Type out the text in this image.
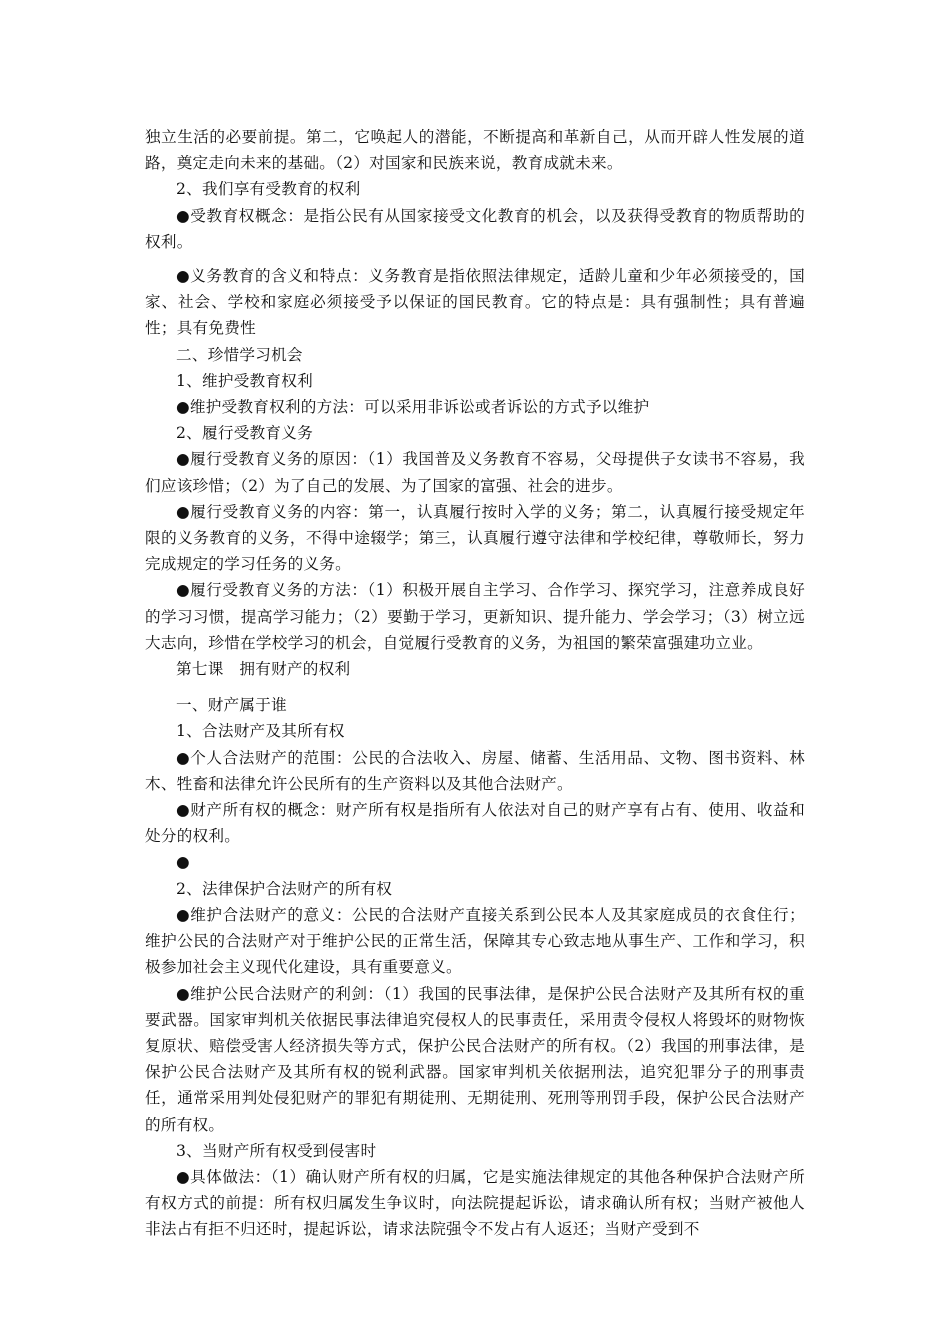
独立生活的必要前提。第二，它唤起人的潜能，不断提高和革新自己，从而开辟人性发展的道路，奠定走向未来的基础。（2）对国家和民族来说，教育成就未来。

2、我们享有受教育的权利

●受教育权概念：是指公民有从国家接受文化教育的机会，以及获得受教育的物质帮助的权利。

●义务教育的含义和特点：义务教育是指依照法律规定，适龄儿童和少年必须接受的，国家、社会、学校和家庭必须接受予以保证的国民教育。它的特点是：具有强制性；具有普遍性；具有免费性

二、珍惜学习机会

1、维护受教育权利

●维护受教育权利的方法：可以采用非诉讼或者诉讼的方式予以维护

2、履行受教育义务

●履行受教育义务的原因：（1）我国普及义务教育不容易，父母提供子女读书不容易，我们应该珍惜；（2）为了自己的发展、为了国家的富强、社会的进步。

●履行受教育义务的内容：第一，认真履行按时入学的义务；第二，认真履行接受规定年限的义务教育的义务，不得中途辍学；第三，认真履行遵守法律和学校纪律，尊敬师长，努力完成规定的学习任务的义务。

●履行受教育义务的方法：（1）积极开展自主学习、合作学习、探究学习，注意养成良好的学习习惯，提高学习能力；（2）要勤于学习，更新知识、提升能力、学会学习；（3）树立远大志向，珍惜在学校学习的机会，自觉履行受教育的义务，为祖国的繁荣富强建功立业。

第七课　拥有财产的权利

一、财产属于谁

1、合法财产及其所有权

●个人合法财产的范围：公民的合法收入、房屋、储蓄、生活用品、文物、图书资料、林木、牲畜和法律允许公民所有的生产资料以及其他合法财产。

●财产所有权的概念：财产所有权是指所有人依法对自己的财产享有占有、使用、收益和处分的权利。

●

2、法律保护合法财产的所有权

●维护合法财产的意义：公民的合法财产直接关系到公民本人及其家庭成员的衣食住行；维护公民的合法财产对于维护公民的正常生活，保障其专心致志地从事生产、工作和学习，积极参加社会主义现代化建设，具有重要意义。

●维护公民合法财产的利剑：（1）我国的民事法律，是保护公民合法财产及其所有权的重要武器。国家审判机关依据民事法律追究侵权人的民事责任，采用责令侵权人将毁坏的财物恢复原状、赔偿受害人经济损失等方式，保护公民合法财产的所有权。（2）我国的刑事法律，是保护公民合法财产及其所有权的锐利武器。国家审判机关依据刑法，追究犯罪分子的刑事责任，通常采用判处侵犯财产的罪犯有期徒刑、无期徒刑、死刑等刑罚手段，保护公民合法财产的所有权。

3、当财产所有权受到侵害时

●具体做法：（1）确认财产所有权的归属，它是实施法律规定的其他各种保护合法财产所有权方式的前提：所有权归属发生争议时，向法院提起诉讼，请求确认所有权；当财产被他人非法占有拒不归还时，提起诉讼，请求法院强令不发占有人返还；当财产受到不
